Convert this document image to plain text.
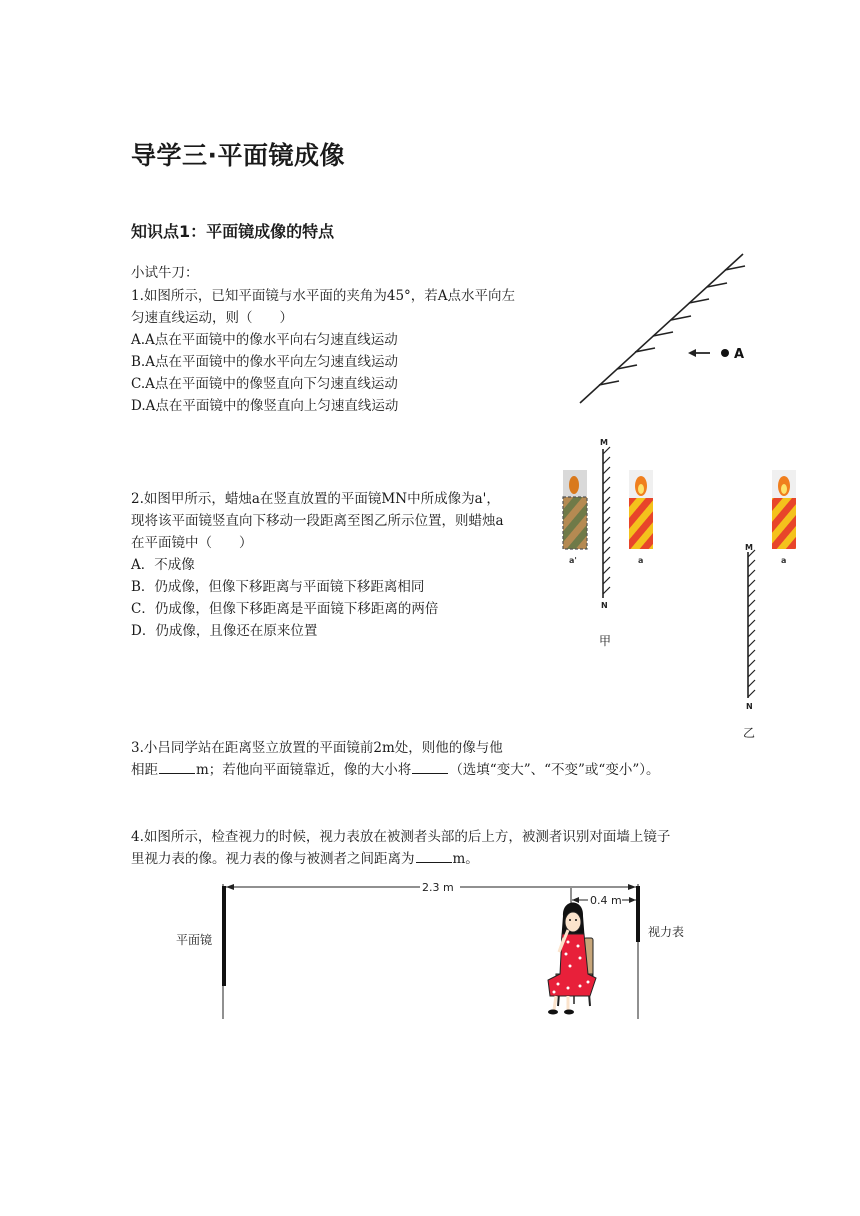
导学三·平面镜成像
知识点1：平面镜成像的特点
小试牛刀：
1.如图所示，已知平面镜与水平面的夹角为45°，若A点水平向左
匀速直线运动，则（　　）
A.A点在平面镜中的像水平向右匀速直线运动
B.A点在平面镜中的像水平向左匀速直线运动
C.A点在平面镜中的像竖直向下匀速直线运动
D.A点在平面镜中的像竖直向上匀速直线运动
A
2.如图甲所示，蜡烛a在竖直放置的平面镜MN中所成像为a'，
现将该平面镜竖直向下移动一段距离至图乙所示位置，则蜡烛a
在平面镜中（　　）
A．不成像
B．仍成像，但像下移距离与平面镜下移距离相同
C．仍成像，但像下移距离是平面镜下移距离的两倍
D．仍成像，且像还在原来位置
a'
M
N
a
甲
a
M
N
乙
3.小吕同学站在距离竖立放置的平面镜前2m处，则他的像与他
相距	m；若他向平面镜靠近，像的大小将	（选填“变大”、“不变”或“变小”）。
4.如图所示，检查视力的时候，视力表放在被测者头部的后上方，被测者识别对面墙上镜子
里视力表的像。视力表的像与被测者之间距离为	m。
2.3 m
0.4 m
平面镜
视力表
